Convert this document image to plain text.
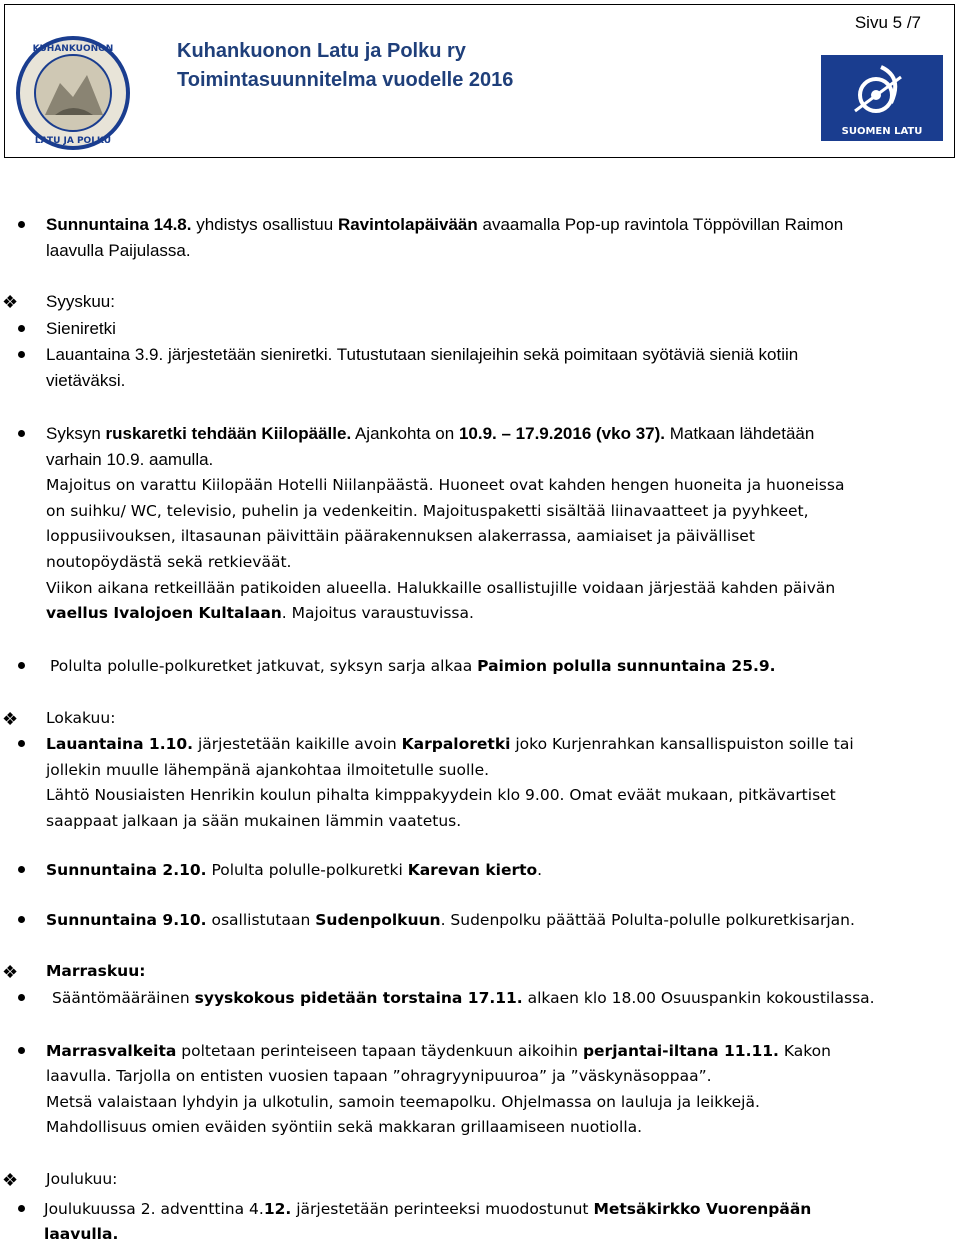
Sivu 5 /7
KUHANKUONON
LATU JA POLKU
Kuhankuonon Latu ja Polku ry
Toimintasuunnitelma vuodelle 2016
SUOMEN LATU
Sunnuntaina 14.8. yhdistys osallistuu Ravintolapäivään avaamalla Pop-up ravintola Töppövillan Raimon
laavulla Paijulassa.
❖ Syyskuu:
Sieniretki
Lauantaina 3.9. järjestetään sieniretki. Tutustutaan sienilajeihin sekä poimitaan syötäviä sieniä kotiin
vietäväksi.
Syksyn ruskaretki tehdään Kiilopäälle. Ajankohta on 10.9. – 17.9.2016 (vko 37). Matkaan lähdetään
varhain 10.9. aamulla.
Majoitus on varattu Kiilopään Hotelli Niilanpäästä. Huoneet ovat kahden hengen huoneita ja huoneissa
on suihku/ WC, televisio, puhelin ja vedenkeitin. Majoituspaketti sisältää liinavaatteet ja pyyhkeet,
loppusiivouksen, iltasaunan päivittäin päärakennuksen alakerrassa, aamiaiset ja päivälliset
noutopöydästä sekä retkieväät.
Viikon aikana retkeillään patikoiden alueella. Halukkaille osallistujille voidaan järjestää kahden päivän
vaellus Ivalojoen Kultalaan. Majoitus varaustuvissa.
Polulta polulle-polkuretket jatkuvat, syksyn sarja alkaa Paimion polulla sunnuntaina 25.9.
❖ Lokakuu:
Lauantaina 1.10. järjestetään kaikille avoin Karpaloretki joko Kurjenrahkan kansallispuiston soille tai
jollekin muulle lähempänä ajankohtaa ilmoitetulle suolle.
Lähtö Nousiaisten Henrikin koulun pihalta kimppakyydein klo 9.00. Omat eväät mukaan, pitkävartiset
saappaat jalkaan ja sään mukainen lämmin vaatetus.
Sunnuntaina 2.10. Polulta polulle-polkuretki Karevan kierto.
Sunnuntaina 9.10. osallistutaan Sudenpolkuun. Sudenpolku päättää Polulta-polulle polkuretkisarjan.
❖ Marraskuu:
Sääntömääräinen syyskokous pidetään torstaina 17.11. alkaen klo 18.00 Osuuspankin kokoustilassa.
Marrasvalkeita poltetaan perinteiseen tapaan täydenkuun aikoihin perjantai-iltana 11.11. Kakon
laavulla. Tarjolla on entisten vuosien tapaan ”ohragryynipuuroa” ja ”väskynäsoppaa”.
Metsä valaistaan lyhdyin ja ulkotulin, samoin teemapolku. Ohjelmassa on lauluja ja leikkejä.
Mahdollisuus omien eväiden syöntiin sekä makkaran grillaamiseen nuotiolla.
❖ Joulukuu:
Joulukuussa 2. adventtina 4.12. järjestetään perinteeksi muodostunut Metsäkirkko Vuorenpään
laavulla.
